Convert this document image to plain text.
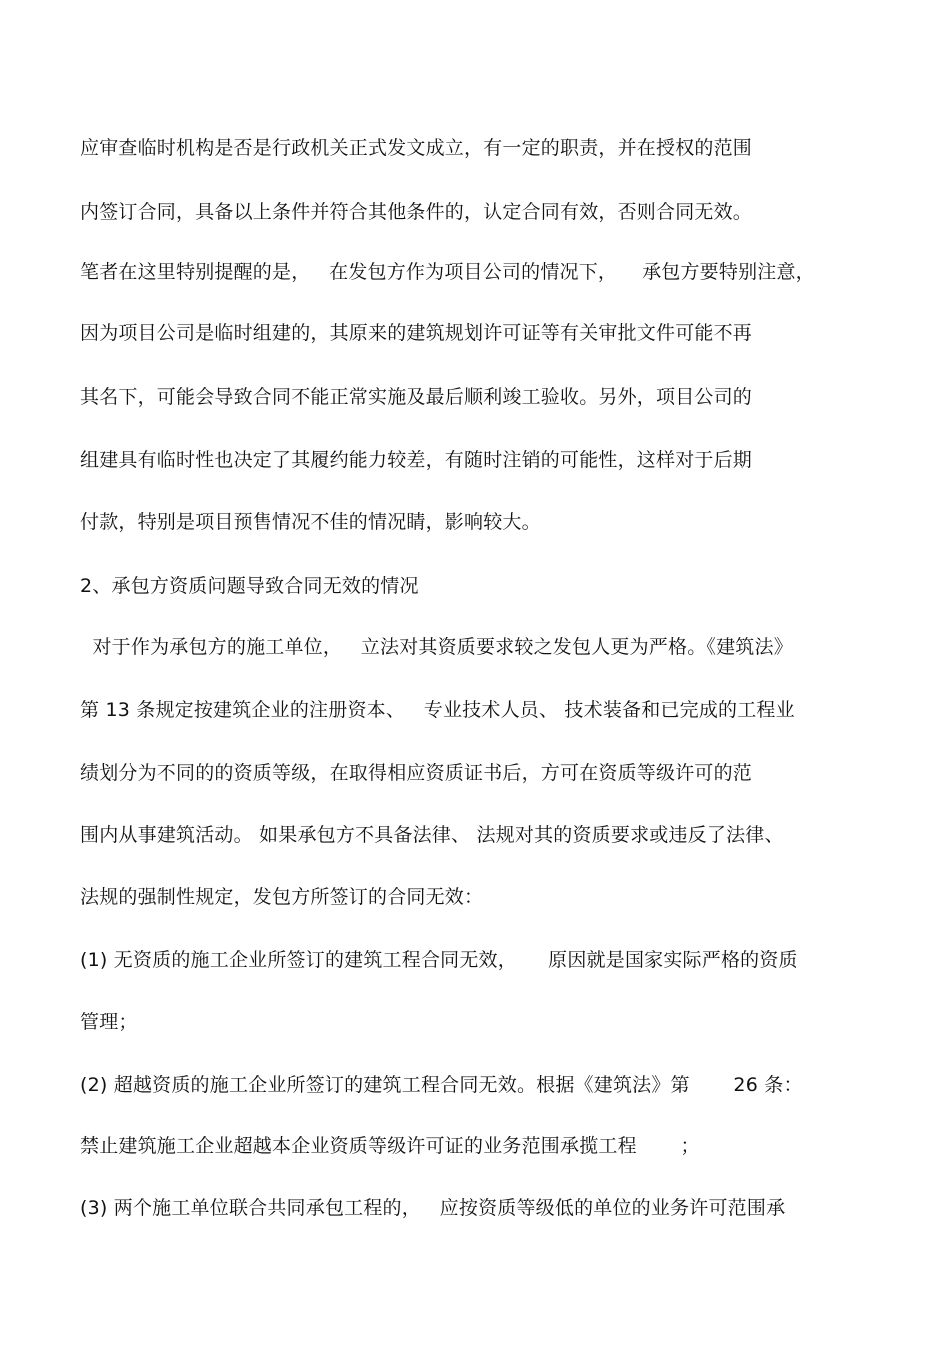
应审查临时机构是否是行政机关正式发文成立，有一定的职责，并在授权的范围
内签订合同，具备以上条件并符合其他条件的，认定合同有效，否则合同无效。
笔者在这里特别提醒的是，   在发包方作为项目公司的情况下，    承包方要特别注意，
因为项目公司是临时组建的，其原来的建筑规划许可证等有关审批文件可能不再
其名下，可能会导致合同不能正常实施及最后顺利竣工验收。另外，项目公司的
组建具有临时性也决定了其履约能力较差，有随时注销的可能性，这样对于后期
付款，特别是项目预售情况不佳的情况睛，影响较大。
2、承包方资质问题导致合同无效的情况
对于作为承包方的施工单位，   立法对其资质要求较之发包人更为严格。《建筑法》
第 13 条规定按建筑企业的注册资本、   专业技术人员、 技术装备和已完成的工程业
绩划分为不同的的资质等级，在取得相应资质证书后，方可在资质等级许可的范
围内从事建筑活动。 如果承包方不具备法律、 法规对其的资质要求或违反了法律、
法规的强制性规定，发包方所签订的合同无效：
(1) 无资质的施工企业所签订的建筑工程合同无效，     原因就是国家实际严格的资质
管理；
(2) 超越资质的施工企业所签订的建筑工程合同无效。根据《建筑法》第       26 条：
禁止建筑施工企业超越本企业资质等级许可证的业务范围承揽工程       ；
(3) 两个施工单位联合共同承包工程的，   应按资质等级低的单位的业务许可范围承
